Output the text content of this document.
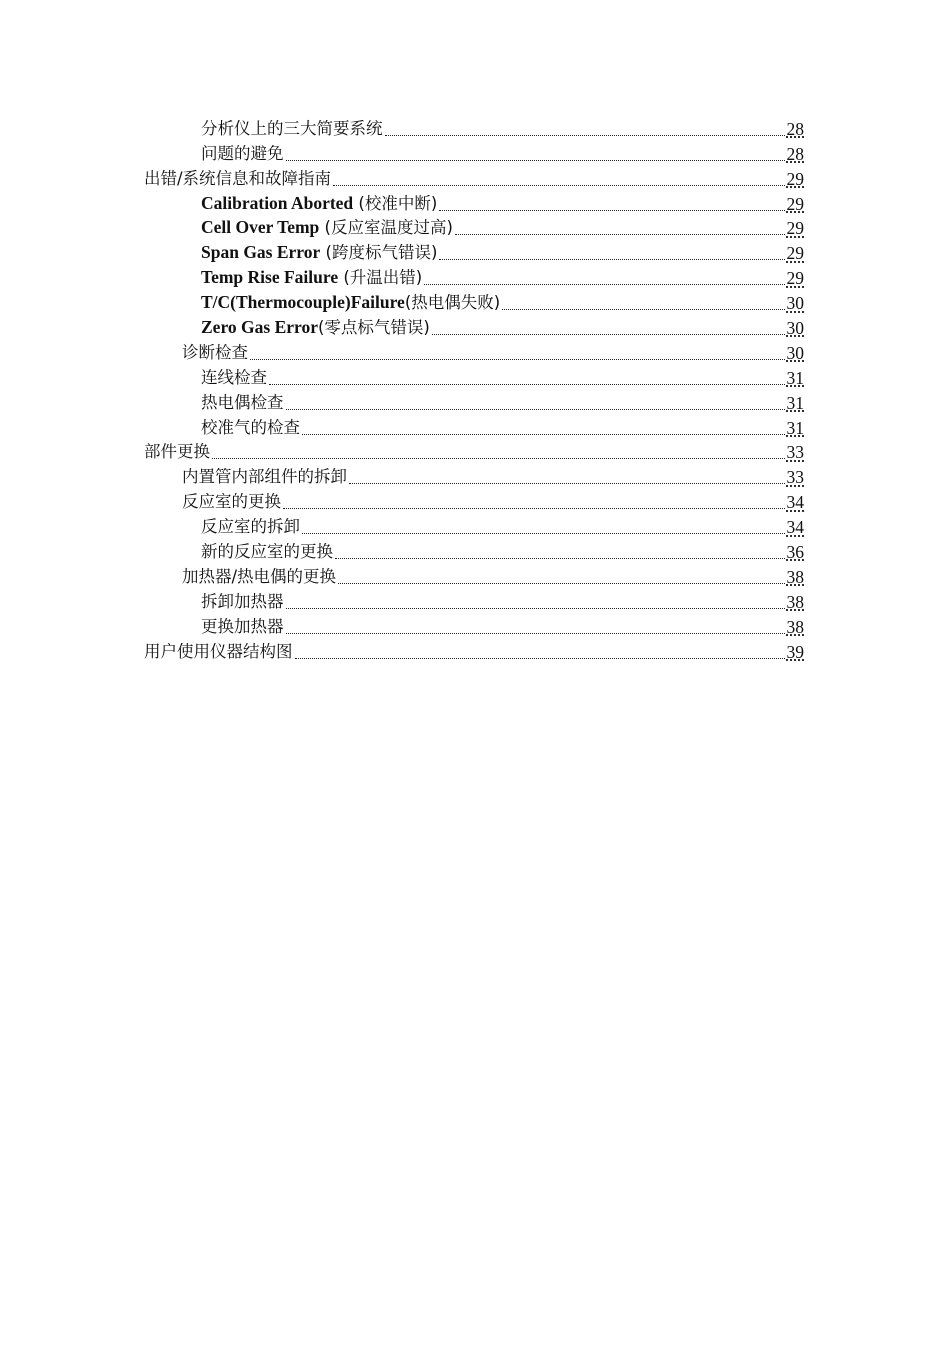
分析仪上的三大简要系统	28
问题的避免	28
出错/系统信息和故障指南	29
Calibration Aborted (校准中断)	29
Cell Over Temp (反应室温度过高)	29
Span Gas Error (跨度标气错误)	29
Temp Rise Failure (升温出错)	29
T/C(Thermocouple)Failure(热电偶失败)	30
Zero Gas Error(零点标气错误)	30
诊断检查	30
连线检查	31
热电偶检查	31
校准气的检查	31
部件更换	33
内置管内部组件的拆卸	33
反应室的更换	34
反应室的拆卸	34
新的反应室的更换	36
加热器/热电偶的更换	38
拆卸加热器	38
更换加热器	38
用户使用仪器结构图	39
